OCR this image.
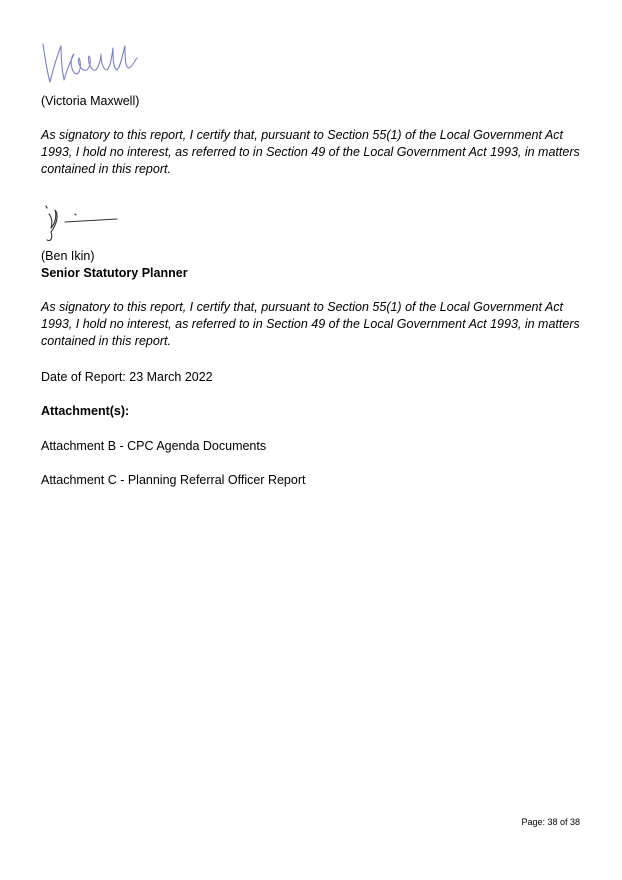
(Victoria Maxwell)
As signatory to this report, I certify that, pursuant to Section 55(1) of the Local Government Act 1993, I hold no interest, as referred to in Section 49 of the Local Government Act 1993, in matters contained in this report.
(Ben Ikin)
Senior Statutory Planner
As signatory to this report, I certify that, pursuant to Section 55(1) of the Local Government Act 1993, I hold no interest, as referred to in Section 49 of the Local Government Act 1993, in matters contained in this report.
Date of Report: 23 March 2022
Attachment(s):
Attachment B - CPC Agenda Documents
Attachment C - Planning Referral Officer Report
Page: 38 of 38
